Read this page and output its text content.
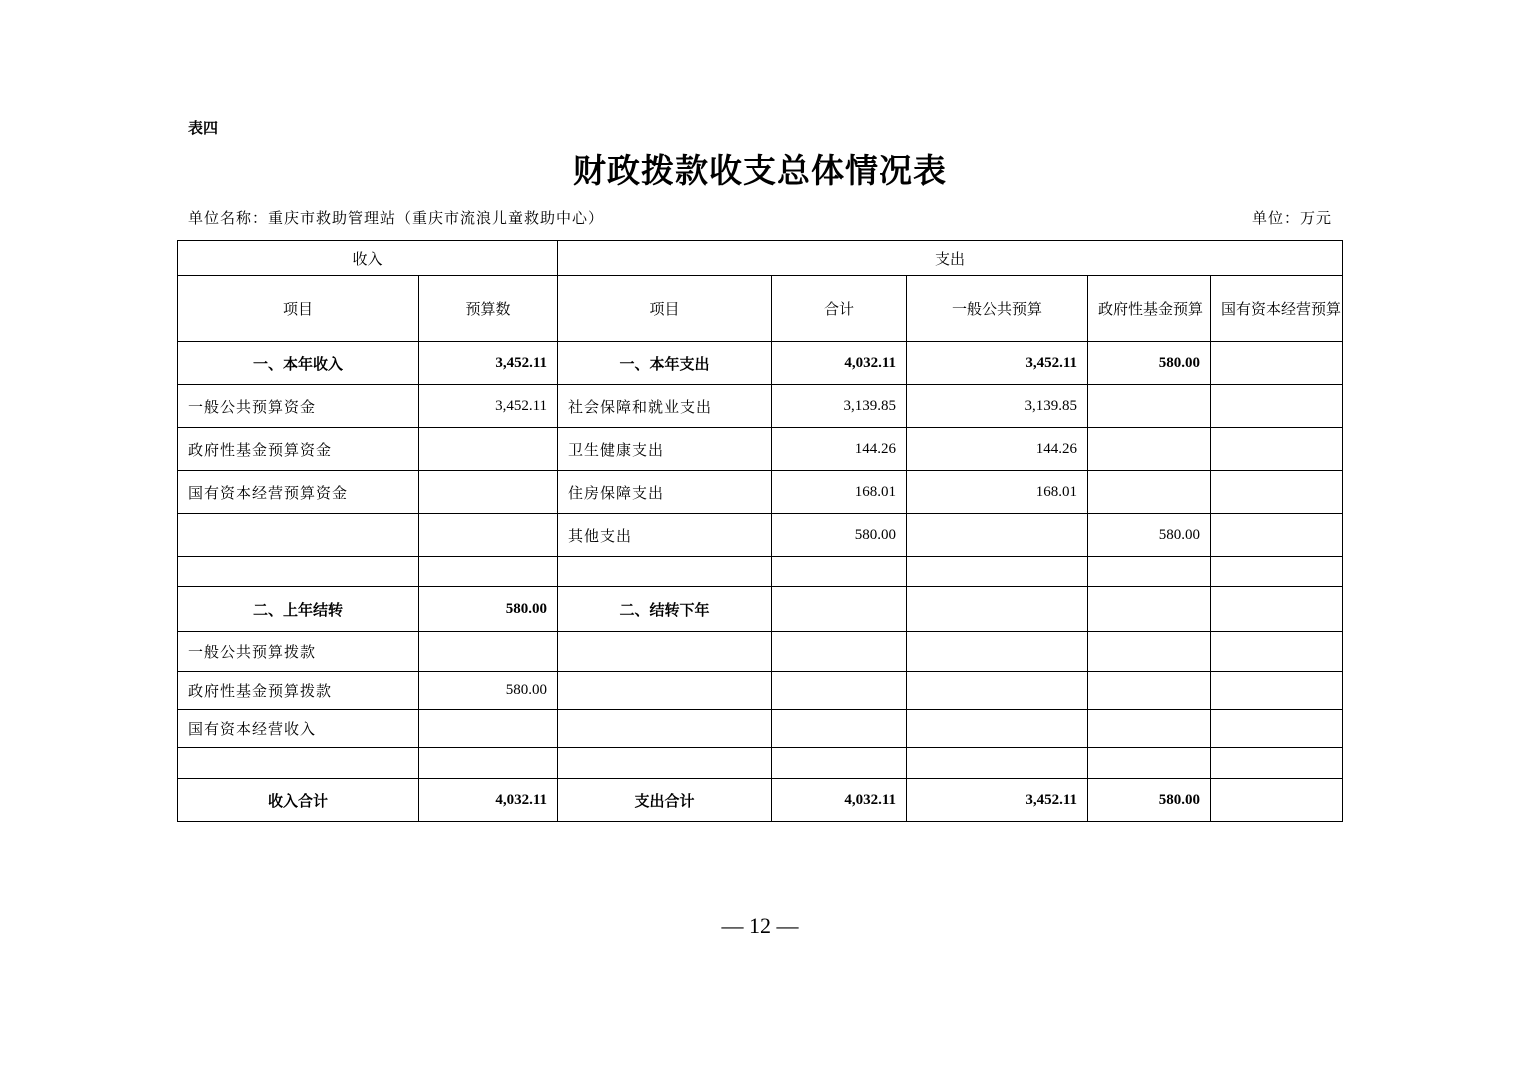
表四
财政拨款收支总体情况表
单位名称：重庆市救助管理站（重庆市流浪儿童救助中心）	单位：万元
收入		支出				
项目	预算数	项目	合计	一般公共预算	政府性基金预算	国有资本经营预算
一、本年收入	3,452.11	一、本年支出	4,032.11	3,452.11	580.00	
一般公共预算资金	3,452.11	社会保障和就业支出	3,139.85	3,139.85		
政府性基金预算资金		卫生健康支出	144.26	144.26		
国有资本经营预算资金		住房保障支出	168.01	168.01		
		其他支出	580.00		580.00	

二、上年结转	580.00	二、结转下年				
一般公共预算拨款						
政府性基金预算拨款	580.00					
国有资本经营收入						

收入合计	4,032.11	支出合计	4,032.11	3,452.11	580.00	
— 12 —
